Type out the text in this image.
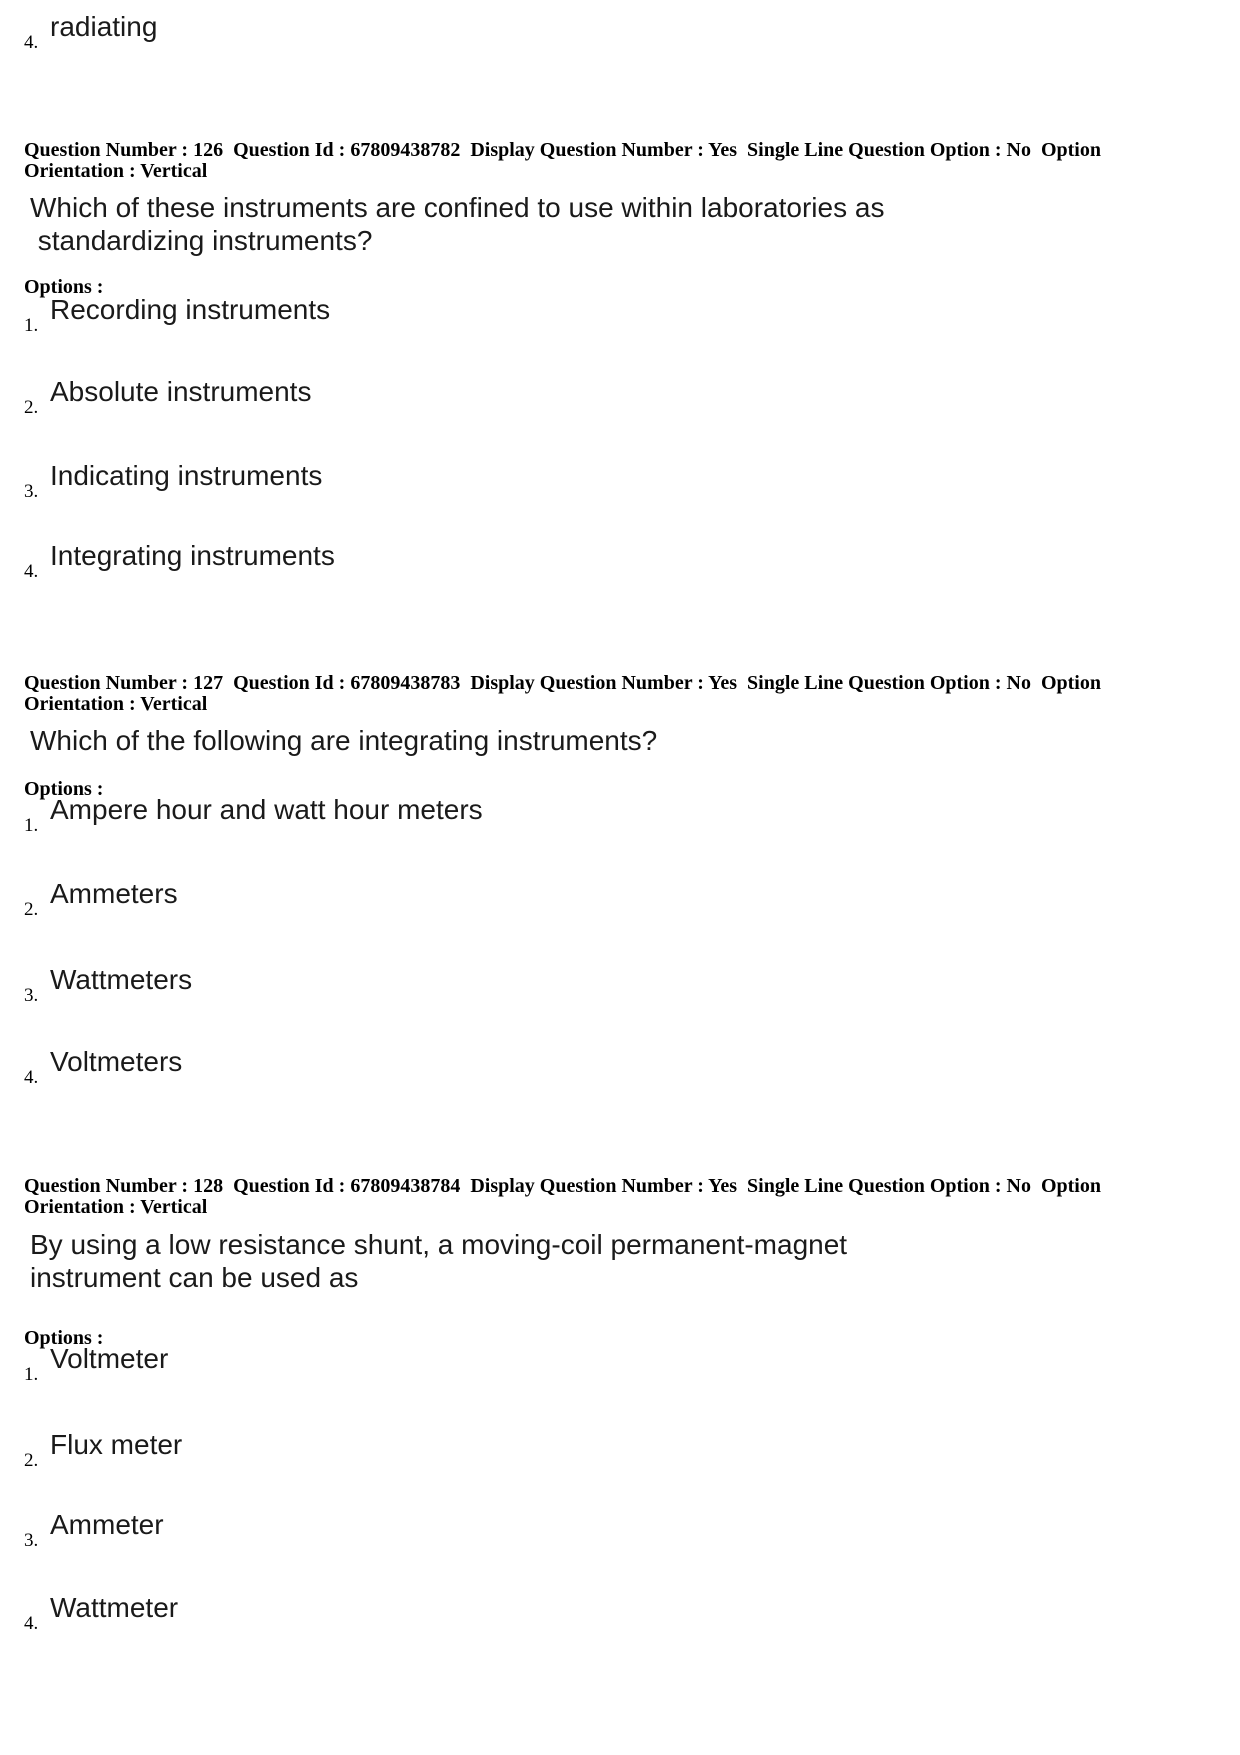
4.
radiating
Question Number : 126  Question Id : 67809438782  Display Question Number : Yes  Single Line Question Option : No  Option
Orientation : Vertical
Which of these instruments are confined to use within laboratories as
standardizing instruments?
Options :
1.
Recording instruments
2.
Absolute instruments
3.
Indicating instruments
4.
Integrating instruments
Question Number : 127  Question Id : 67809438783  Display Question Number : Yes  Single Line Question Option : No  Option
Orientation : Vertical
Which of the following are integrating instruments?
Options :
1.
Ampere hour and watt hour meters
2.
Ammeters
3.
Wattmeters
4.
Voltmeters
Question Number : 128  Question Id : 67809438784  Display Question Number : Yes  Single Line Question Option : No  Option
Orientation : Vertical
By using a low resistance shunt, a moving-coil permanent-magnet
instrument can be used as
Options :
1.
Voltmeter
2.
Flux meter
3.
Ammeter
4.
Wattmeter
